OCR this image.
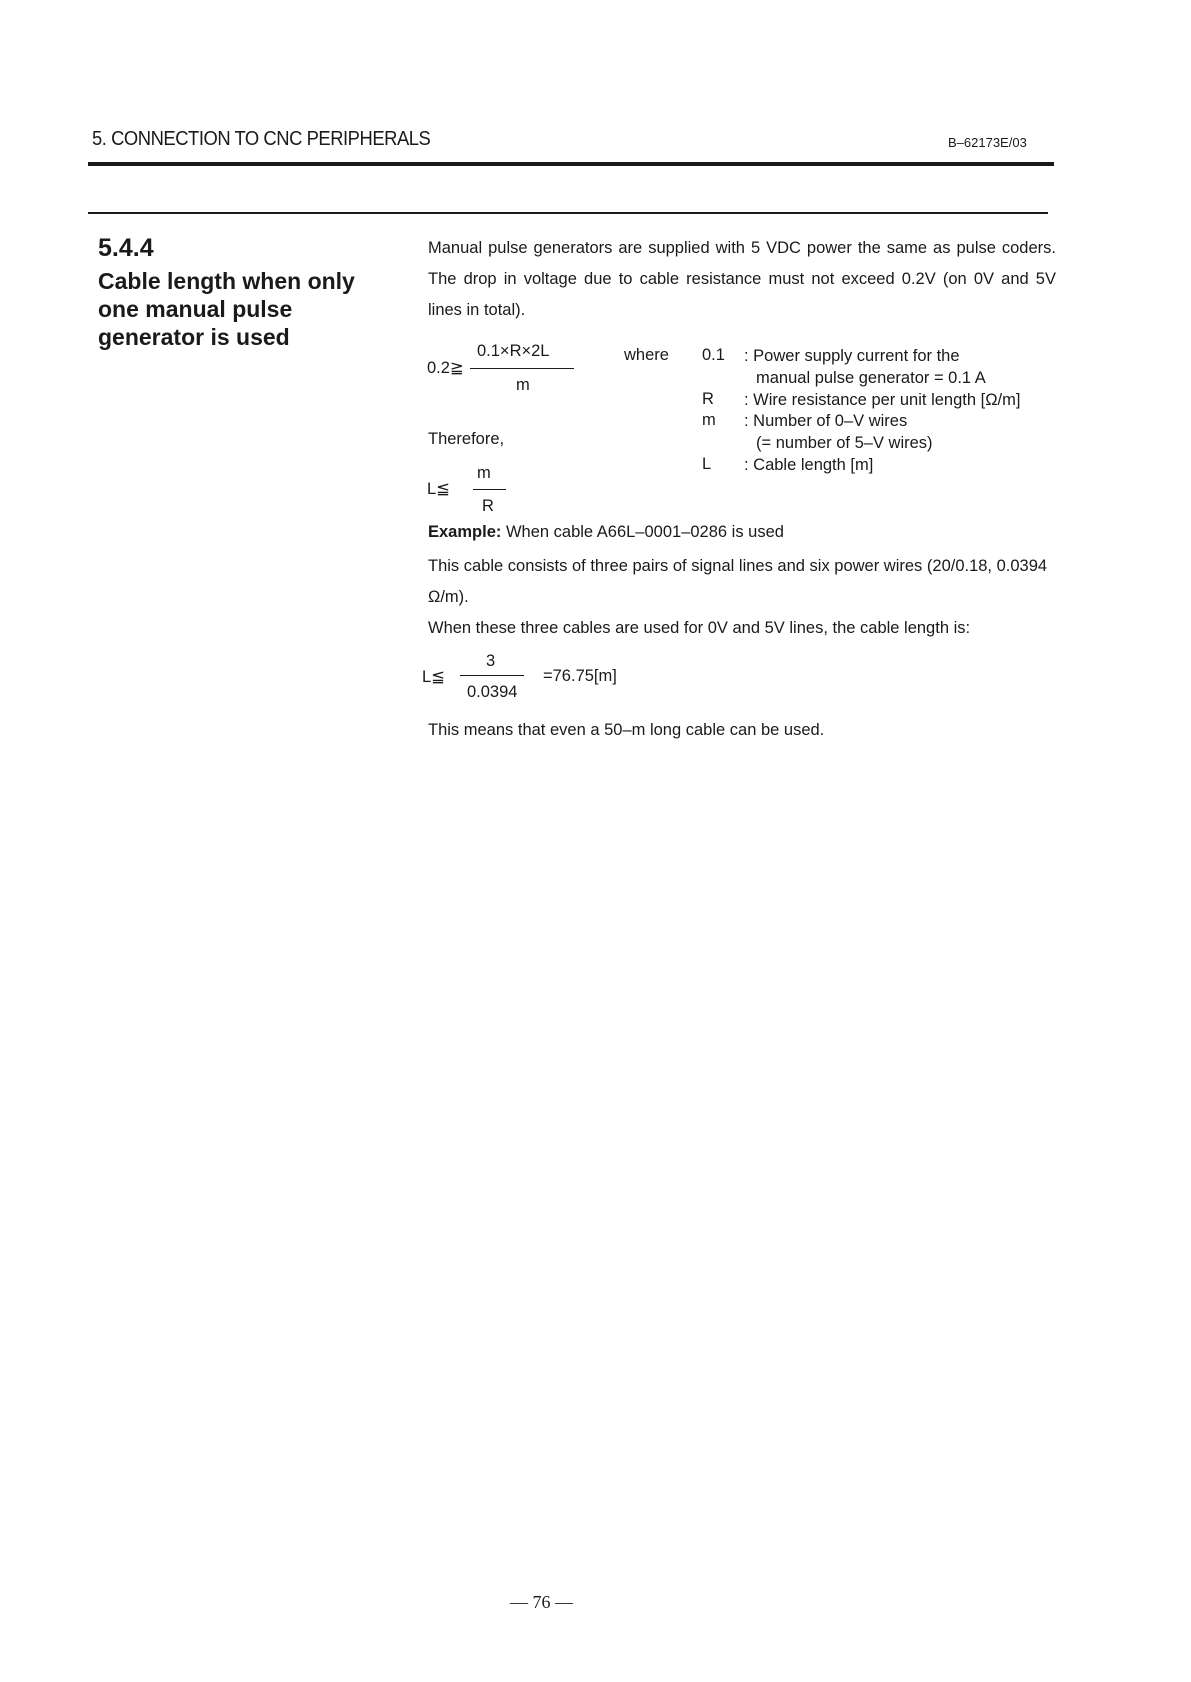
5. CONNECTION TO CNC PERIPHERALS	B–62173E/03
5.4.4
Cable length when only one manual pulse generator is used
Manual pulse generators are supplied with 5 VDC power the same as pulse coders. The drop in voltage due to cable resistance must not exceed 0.2V (on 0V and 5V lines in total).
0.2≧
0.1×R×2L
m
Therefore,
L≦
m
R
where 0.1 : Power supply current for the
manual pulse generator = 0.1 A
R : Wire resistance per unit length [Ω/m]
m : Number of 0–V wires
(= number of 5–V wires)
L : Cable length [m]
Example: When cable A66L–0001–0286 is used
This cable consists of three pairs of signal lines and six power wires (20/0.18, 0.0394 Ω/m).
When these three cables are used for 0V and 5V lines, the cable length is:
L≦
3
0.0394
=76.75[m]
This means that even a 50–m long cable can be used.
— 76 —
